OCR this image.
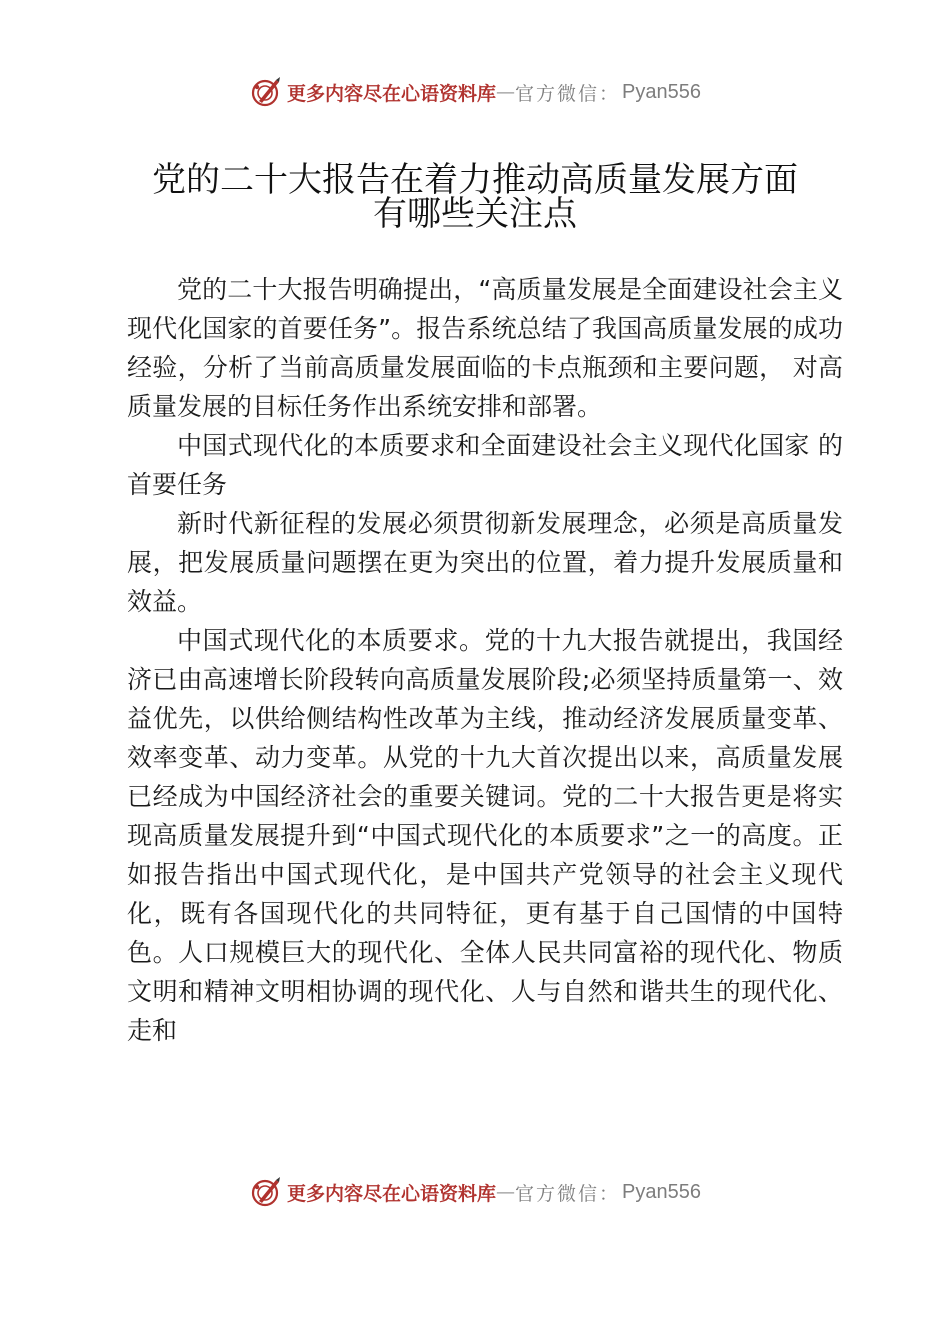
更多内容尽在心语资料库 — 官方微信： Pyan556
党的二十大报告在着力推动高质量发展方面
有哪些关注点

党的二十大报告明确提出，“高质量发展是全面建设社会主义现代化国家的首要任务”。报告系统总结了我国高质量发展的成功经验，分析了当前高质量发展面临的卡点瓶颈和主要问题， 对高质量发展的目标任务作出系统安排和部署。

中国式现代化的本质要求和全面建设社会主义现代化国家 的首要任务

新时代新征程的发展必须贯彻新发展理念，必须是高质量发展，把发展质量问题摆在更为突出的位置，着力提升发展质量和效益。

中国式现代化的本质要求。党的十九大报告就提出，我国经济已由高速增长阶段转向高质量发展阶段;必须坚持质量第一、效益优先，以供给侧结构性改革为主线，推动经济发展质量变革、效率变革、动力变革。从党的十九大首次提出以来，高质量发展已经成为中国经济社会的重要关键词。党的二十大报告更是将实现高质量发展提升到“中国式现代化的本质要求”之一的高度。正如报告指出中国式现代化，是中国共产党领导的社会主义现代化，既有各国现代化的共同特征，更有基于自己国情的中国特色。人口规模巨大的现代化、全体人民共同富裕的现代化、物质文明和精神文明相协调的现代化、人与自然和谐共生的现代化、走和

更多内容尽在心语资料库 — 官方微信： Pyan556
